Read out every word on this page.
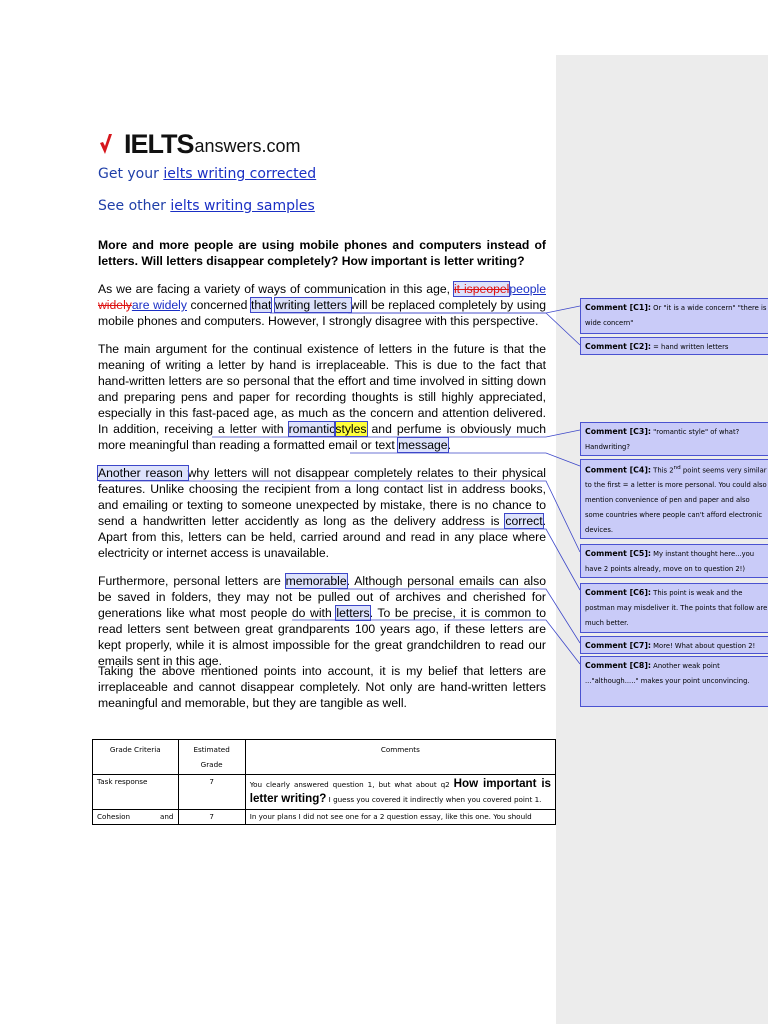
IELTS answers.com
Get your ielts writing corrected
See other ielts writing samples
More and more people are using mobile phones and computers instead of letters. Will letters disappear completely? How important is letter writing?
As we are facing a variety of ways of communication in this age, it ispeopelpeople widelyare widely concerned that writing letters will be replaced completely by using mobile phones and computers. However, I strongly disagree with this perspective.
The main argument for the continual existence of letters in the future is that the meaning of writing a letter by hand is irreplaceable. This is due to the fact that hand-written letters are so personal that the effort and time involved in sitting down and preparing pens and paper for recording thoughts is still highly appreciated, especially in this fast-paced age, as much as the concern and attention delivered. In addition, receiving a letter with romanticstyles and perfume is obviously much more meaningful than reading a formatted email or text message.
Another reason why letters will not disappear completely relates to their physical features. Unlike choosing the recipient from a long contact list in address books, and emailing or texting to someone unexpected by mistake, there is no chance to send a handwritten letter accidently as long as the delivery address is correct. Apart from this, letters can be held, carried around and read in any place where electricity or internet access is unavailable.
Furthermore, personal letters are memorable. Although personal emails can also be saved in folders, they may not be pulled out of archives and cherished for generations like what most people do with letters. To be precise, it is common to read letters sent between great grandparents 100 years ago, if these letters are kept properly, while it is almost impossible for the great grandchildren to read our emails sent in this age.
Taking the above mentioned points into account, it is my belief that letters are irreplaceable and cannot disappear completely. Not only are hand-written letters meaningful and memorable, but they are tangible as well.
Grade Criteria	Estimated Grade	Comments
Task response	7	You clearly answered question 1, but what about q2 How important is letter writing? I guess you covered it indirectly when you covered point 1.
Cohesion and	7	In your plans I did not see one for a 2 question essay, like this one. You should
Comment [C1]: Or "it is a wide concern" "there is wide concern"
Comment [C2]: = hand written letters
Comment [C3]: "romantic style" of what? Handwriting?
Comment [C4]: This 2nd point seems very similar to the first = a letter is more personal. You could also mention convenience of pen and paper and also some countries where people can't afford electronic devices.
Comment [C5]: My instant thought here...you have 2 points already, move on to question 2!)
Comment [C6]: This point is weak and the postman may misdeliver it. The points that follow are much better.
Comment [C7]: More! What about question 2!
Comment [C8]: Another weak point ..."although....." makes your point unconvincing.
